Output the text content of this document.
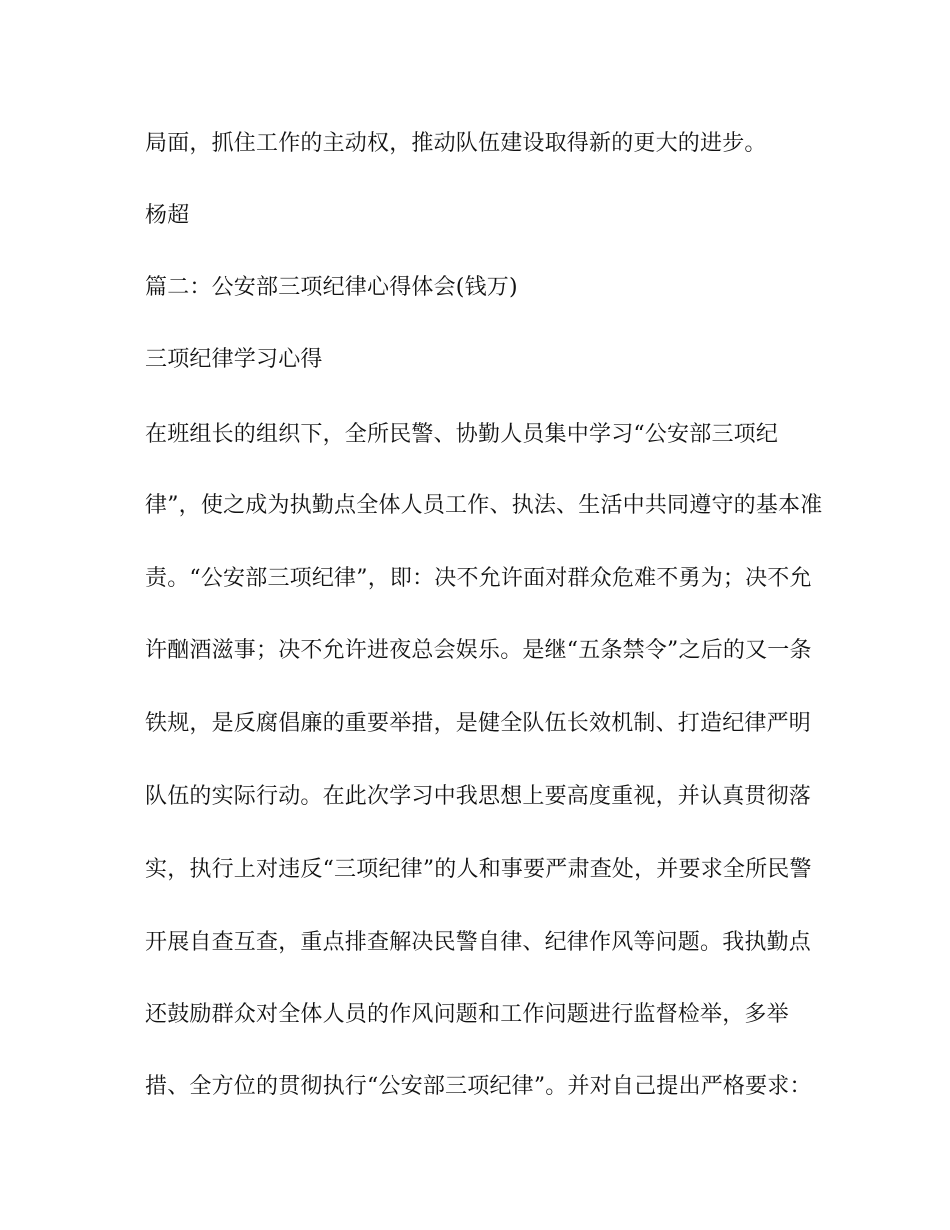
局面，抓住工作的主动权，推动队伍建设取得新的更大的进步。

杨超

篇二：公安部三项纪律心得体会(钱万)

三项纪律学习心得

在班组长的组织下，全所民警、协勤人员集中学习“公安部三项纪

律”，使之成为执勤点全体人员工作、执法、生活中共同遵守的基本准

责。“公安部三项纪律”，即：决不允许面对群众危难不勇为；决不允

许酗酒滋事；决不允许进夜总会娱乐。是继“五条禁令”之后的又一条

铁规，是反腐倡廉的重要举措，是健全队伍长效机制、打造纪律严明

队伍的实际行动。在此次学习中我思想上要高度重视，并认真贯彻落

实，执行上对违反“三项纪律”的人和事要严肃查处，并要求全所民警

开展自查互查，重点排查解决民警自律、纪律作风等问题。我执勤点

还鼓励群众对全体人员的作风问题和工作问题进行监督检举，多举

措、全方位的贯彻执行“公安部三项纪律”。并对自己提出严格要求：
